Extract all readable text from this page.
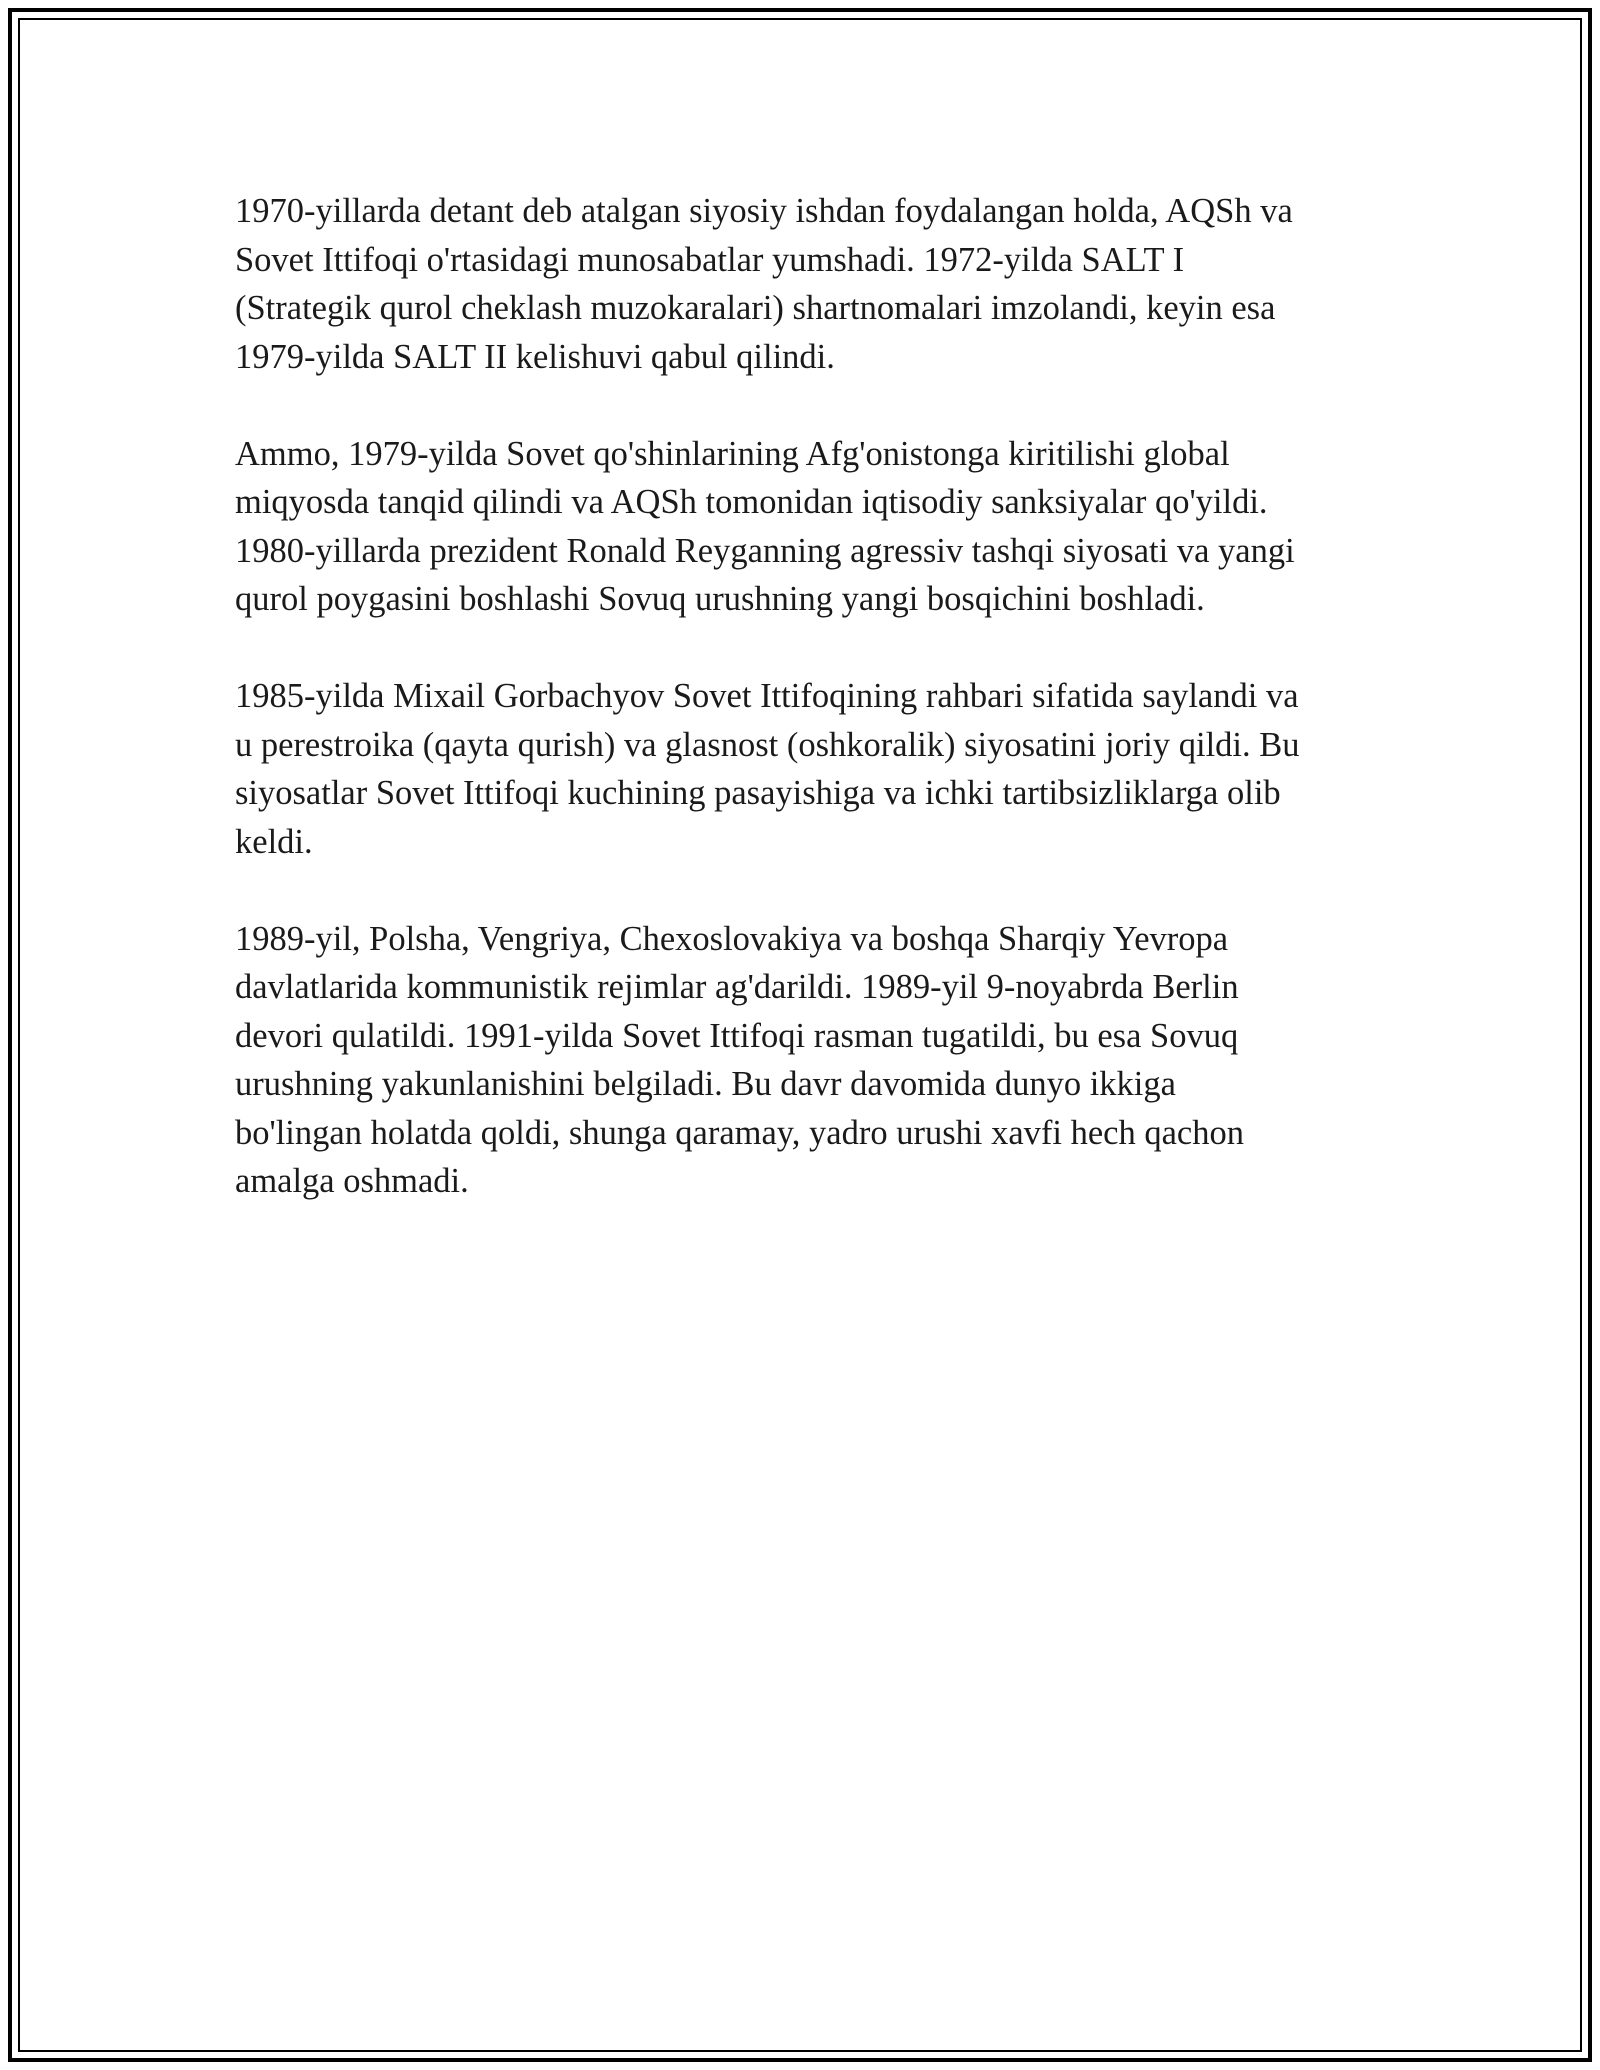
1970-yillarda detant deb atalgan siyosiy ishdan foydalangan holda, AQSh va
Sovet Ittifoqi o'rtasidagi munosabatlar yumshadi. 1972-yilda SALT I
(Strategik qurol cheklash muzokaralari) shartnomalari imzolandi, keyin esa
1979-yilda SALT II kelishuvi qabul qilindi.

Ammo, 1979-yilda Sovet qo'shinlarining Afg'onistonga kiritilishi global
miqyosda tanqid qilindi va AQSh tomonidan iqtisodiy sanksiyalar qo'yildi.
1980-yillarda prezident Ronald Reyganning agressiv tashqi siyosati va yangi
qurol poygasini boshlashi Sovuq urushning yangi bosqichini boshladi.

1985-yilda Mixail Gorbachyov Sovet Ittifoqining rahbari sifatida saylandi va
u perestroika (qayta qurish) va glasnost (oshkoralik) siyosatini joriy qildi. Bu
siyosatlar Sovet Ittifoqi kuchining pasayishiga va ichki tartibsizliklarga olib
keldi.

1989-yil, Polsha, Vengriya, Chexoslovakiya va boshqa Sharqiy Yevropa
davlatlarida kommunistik rejimlar ag'darildi. 1989-yil 9-noyabrda Berlin
devori qulatildi. 1991-yilda Sovet Ittifoqi rasman tugatildi, bu esa Sovuq
urushning yakunlanishini belgiladi. Bu davr davomida dunyo ikkiga
bo'lingan holatda qoldi, shunga qaramay, yadro urushi xavfi hech qachon
amalga oshmadi.
